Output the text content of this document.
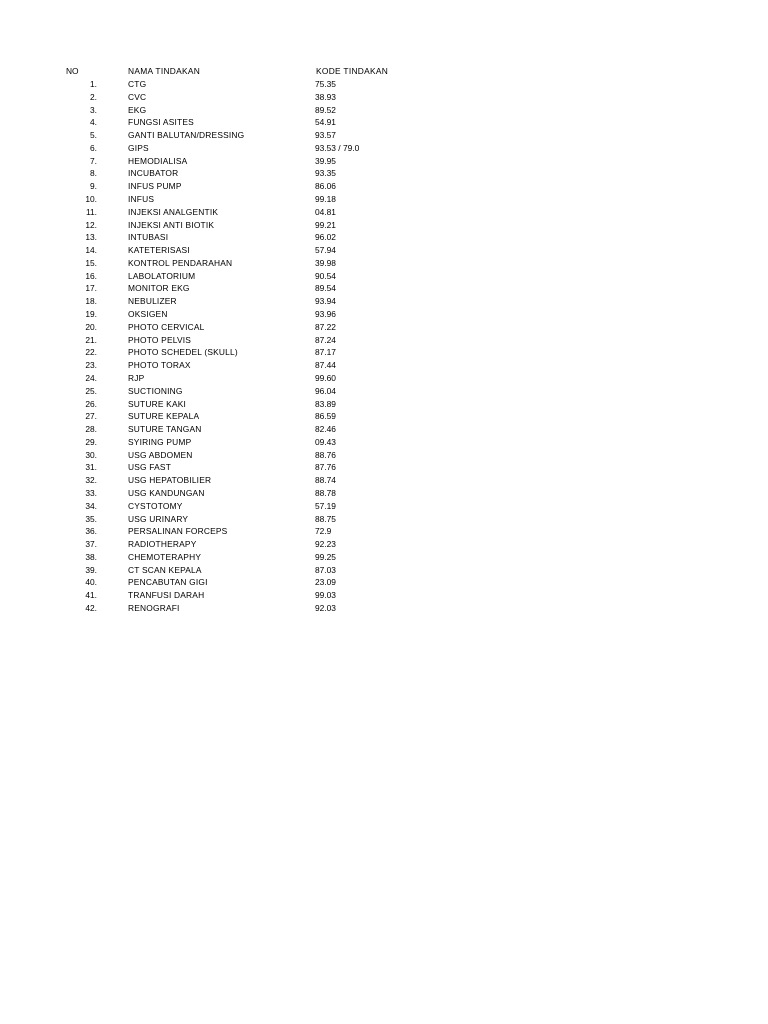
NO	NAMA TINDAKAN	KODE TINDAKAN
1.	CTG	75.35
2.	CVC	38.93
3.	EKG	89.52
4.	FUNGSI ASITES	54.91
5.	GANTI BALUTAN/DRESSING	93.57
6.	GIPS	93.53 / 79.0
7.	HEMODIALISA	39.95
8.	INCUBATOR	93.35
9.	INFUS PUMP	86.06
10.	INFUS	99.18
11.	INJEKSI ANALGENTIK	04.81
12.	INJEKSI ANTI BIOTIK	99.21
13.	INTUBASI	96.02
14.	KATETERISASI	57.94
15.	KONTROL PENDARAHAN	39.98
16.	LABOLATORIUM	90.54
17.	MONITOR EKG	89.54
18.	NEBULIZER	93.94
19.	OKSIGEN	93.96
20.	PHOTO CERVICAL	87.22
21.	PHOTO PELVIS	87.24
22.	PHOTO SCHEDEL (SKULL)	87.17
23.	PHOTO TORAX	87.44
24.	RJP	99.60
25.	SUCTIONING	96.04
26.	SUTURE KAKI	83.89
27.	SUTURE KEPALA	86.59
28.	SUTURE TANGAN	82.46
29.	SYIRING PUMP	09.43
30.	USG ABDOMEN	88.76
31.	USG FAST	87.76
32.	USG HEPATOBILIER	88.74
33.	USG KANDUNGAN	88.78
34.	CYSTOTOMY	57.19
35.	USG URINARY	88.75
36.	PERSALINAN FORCEPS	72.9
37.	RADIOTHERAPY	92.23
38.	CHEMOTERAPHY	99.25
39.	CT SCAN KEPALA	87.03
40.	PENCABUTAN GIGI	23.09
41.	TRANFUSI DARAH	99.03
42.	RENOGRAFI	92.03
